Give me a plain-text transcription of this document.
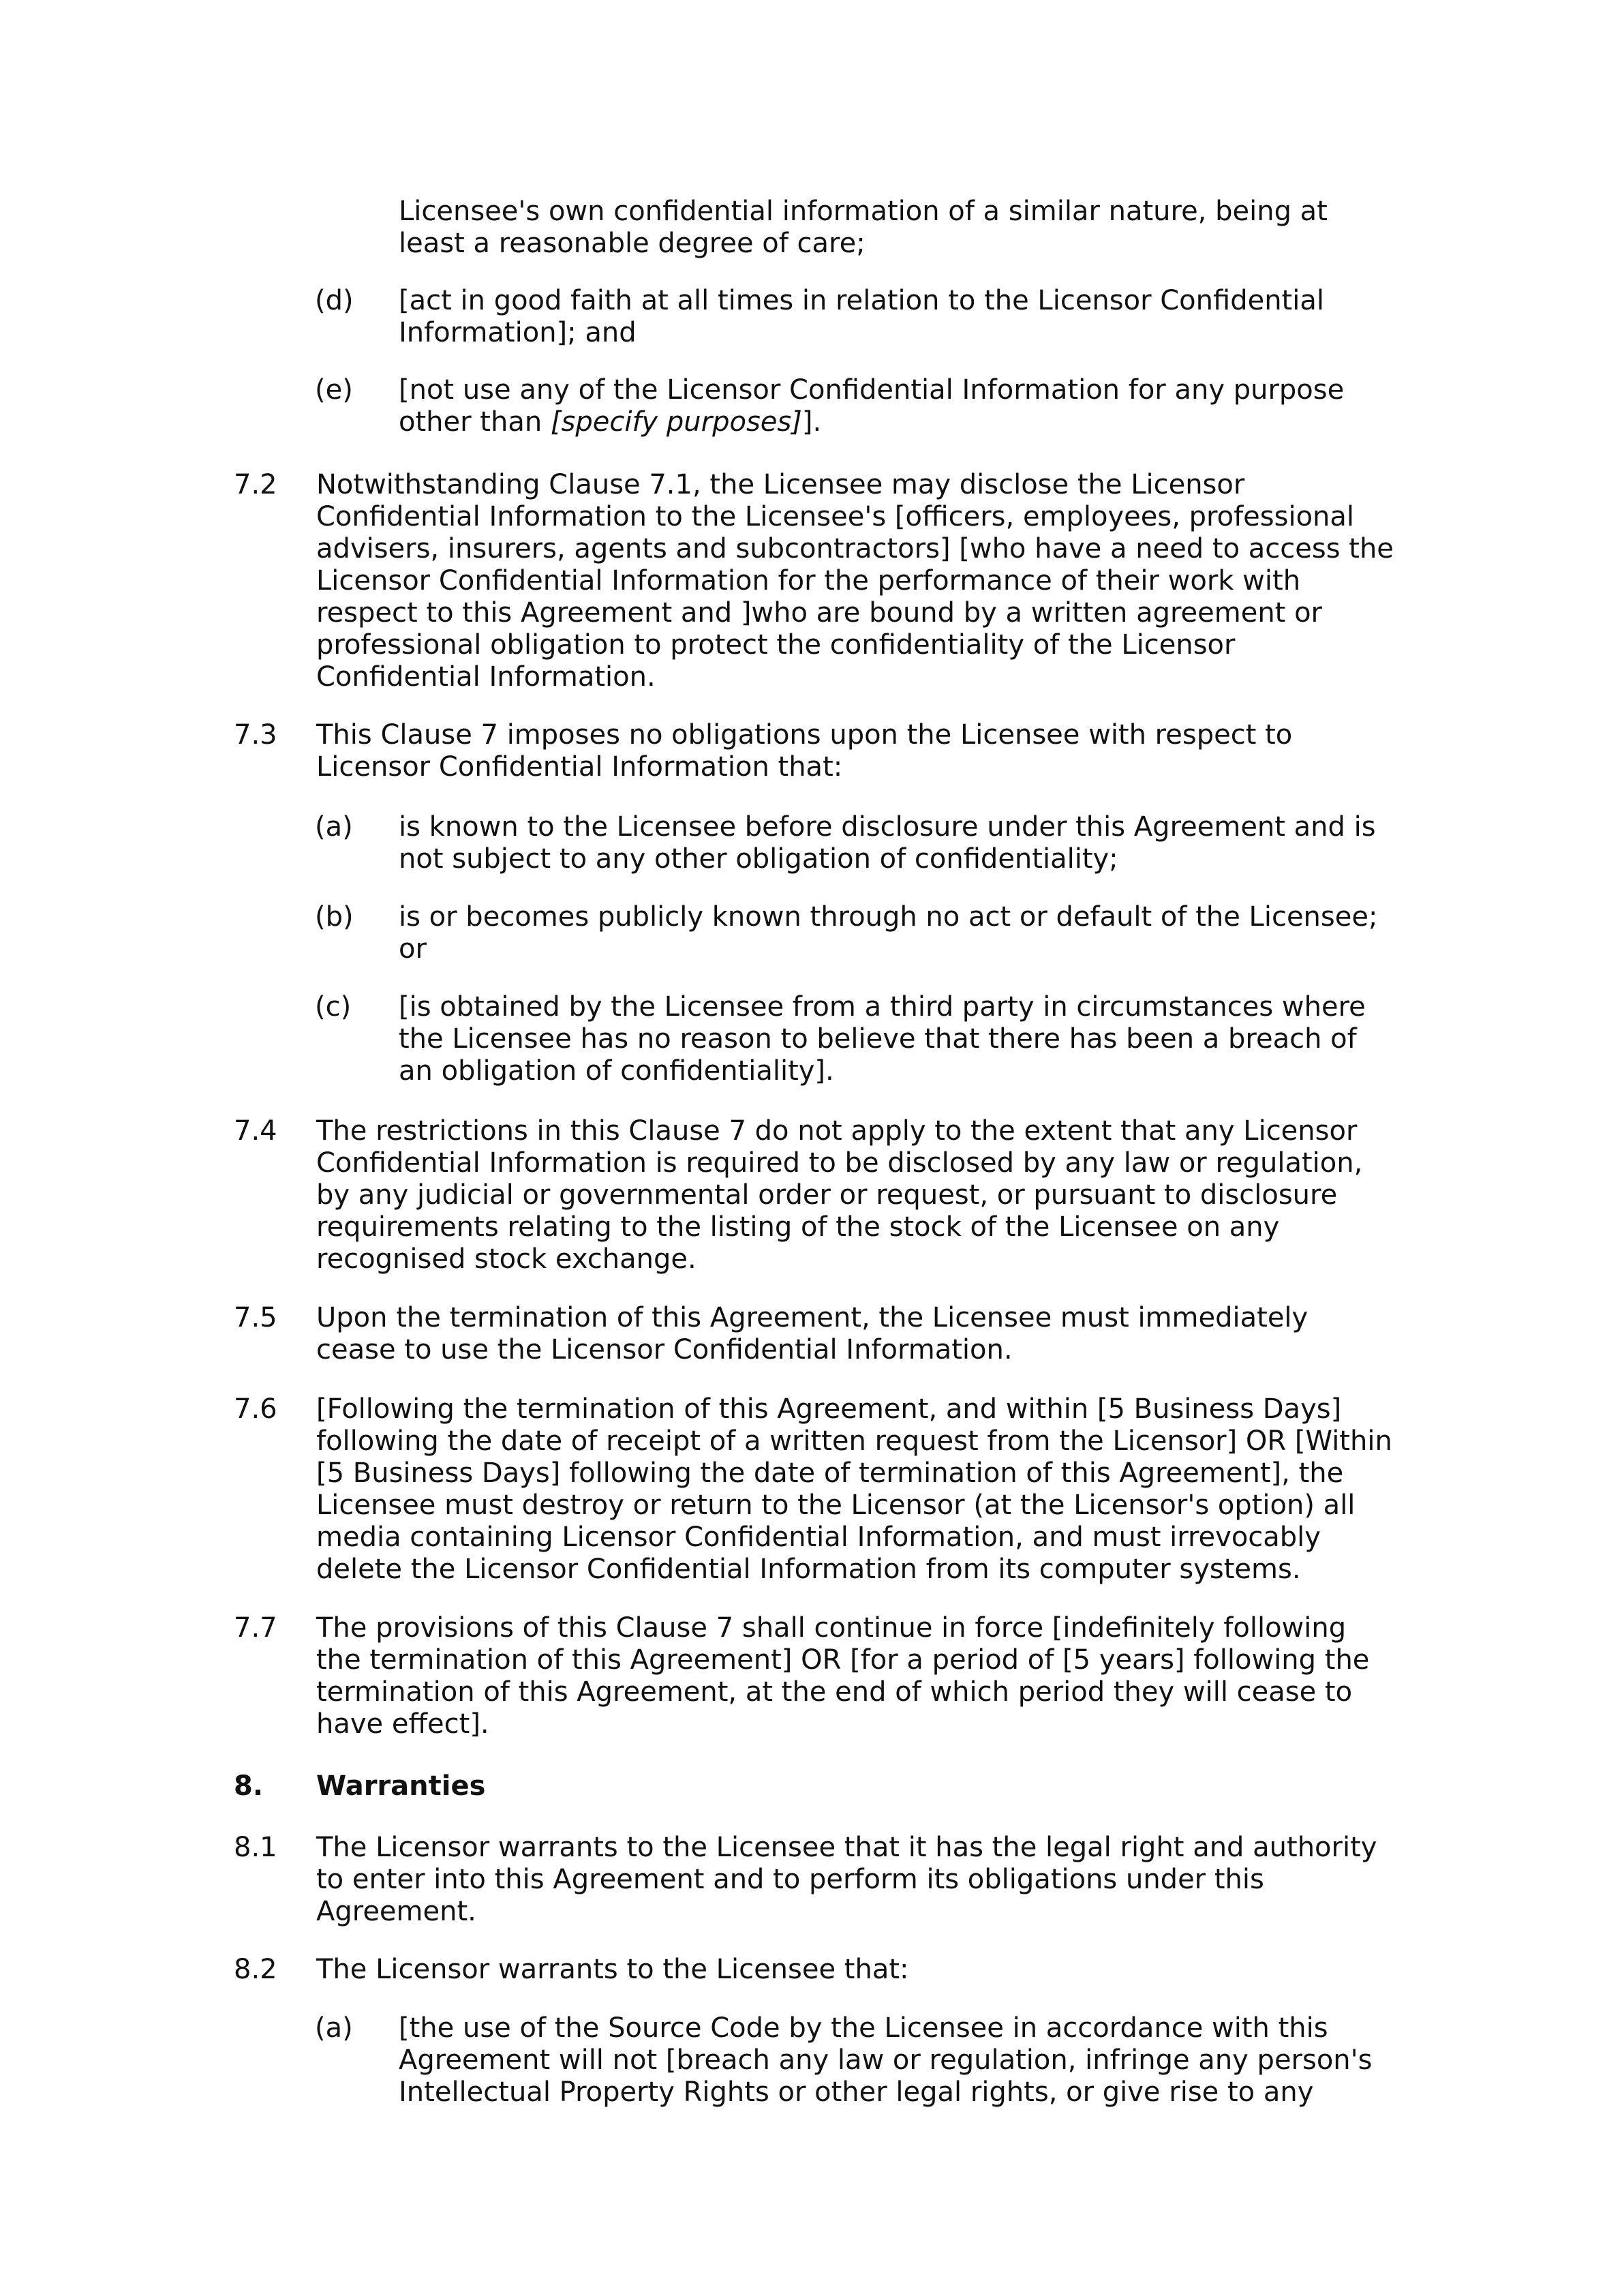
Licensee's own confidential information of a similar nature, being at
least a reasonable degree of care;
(d) [act in good faith at all times in relation to the Licensor Confidential
Information]; and
(e) [not use any of the Licensor Confidential Information for any purpose
other than [specify purposes]].
7.2 Notwithstanding Clause 7.1, the Licensee may disclose the Licensor
Confidential Information to the Licensee's [officers, employees, professional
advisers, insurers, agents and subcontractors] [who have a need to access the
Licensor Confidential Information for the performance of their work with
respect to this Agreement and ]who are bound by a written agreement or
professional obligation to protect the confidentiality of the Licensor
Confidential Information.
7.3 This Clause 7 imposes no obligations upon the Licensee with respect to
Licensor Confidential Information that:
(a) is known to the Licensee before disclosure under this Agreement and is
not subject to any other obligation of confidentiality;
(b) is or becomes publicly known through no act or default of the Licensee;
or
(c) [is obtained by the Licensee from a third party in circumstances where
the Licensee has no reason to believe that there has been a breach of
an obligation of confidentiality].
7.4 The restrictions in this Clause 7 do not apply to the extent that any Licensor
Confidential Information is required to be disclosed by any law or regulation,
by any judicial or governmental order or request, or pursuant to disclosure
requirements relating to the listing of the stock of the Licensee on any
recognised stock exchange.
7.5 Upon the termination of this Agreement, the Licensee must immediately
cease to use the Licensor Confidential Information.
7.6 [Following the termination of this Agreement, and within [5 Business Days]
following the date of receipt of a written request from the Licensor] OR [Within
[5 Business Days] following the date of termination of this Agreement], the
Licensee must destroy or return to the Licensor (at the Licensor's option) all
media containing Licensor Confidential Information, and must irrevocably
delete the Licensor Confidential Information from its computer systems.
7.7 The provisions of this Clause 7 shall continue in force [indefinitely following
the termination of this Agreement] OR [for a period of [5 years] following the
termination of this Agreement, at the end of which period they will cease to
have effect].
8. Warranties
8.1 The Licensor warrants to the Licensee that it has the legal right and authority
to enter into this Agreement and to perform its obligations under this
Agreement.
8.2 The Licensor warrants to the Licensee that:
(a) [the use of the Source Code by the Licensee in accordance with this
Agreement will not [breach any law or regulation, infringe any person's
Intellectual Property Rights or other legal rights, or give rise to any
